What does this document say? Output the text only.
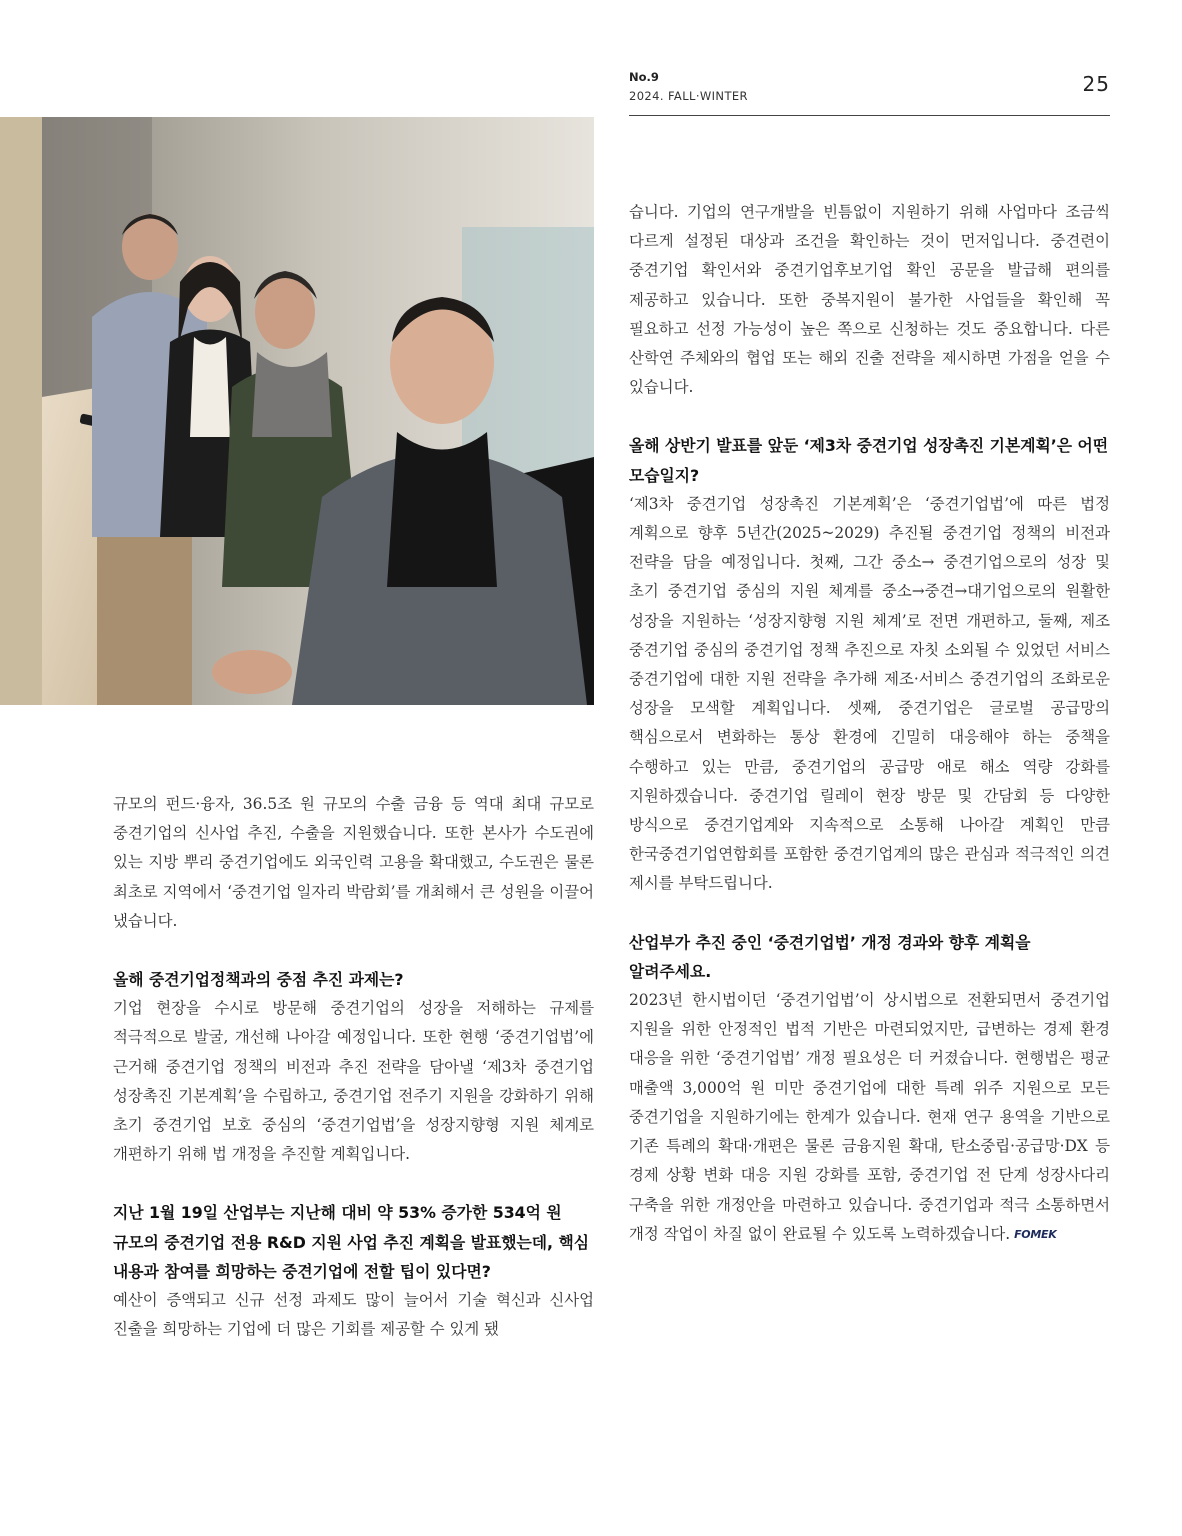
No.9
2024. FALL·WINTER	25

규모의 펀드·융자, 36.5조 원 규모의 수출 금융 등 역대 최대 규모로 중견기업의 신사업 추진, 수출을 지원했습니다. 또한 본사가 수도권에 있는 지방 뿌리 중견기업에도 외국인력 고용을 확대했고, 수도권은 물론 최초로 지역에서 ‘중견기업 일자리 박람회’를 개최해서 큰 성원을 이끌어 냈습니다.

올해 중견기업정책과의 중점 추진 과제는?

기업 현장을 수시로 방문해 중견기업의 성장을 저해하는 규제를 적극적으로 발굴, 개선해 나아갈 예정입니다. 또한 현행 ‘중견기업법’에 근거해 중견기업 정책의 비전과 추진 전략을 담아낼 ‘제3차 중견기업 성장촉진 기본계획’을 수립하고, 중견기업 전주기 지원을 강화하기 위해 초기 중견기업 보호 중심의 ‘중견기업법’을 성장지향형 지원 체계로 개편하기 위해 법 개정을 추진할 계획입니다.

지난 1월 19일 산업부는 지난해 대비 약 53% 증가한 534억 원 규모의 중견기업 전용 R&D 지원 사업 추진 계획을 발표했는데, 핵심 내용과 참여를 희망하는 중견기업에 전할 팁이 있다면?

예산이 증액되고 신규 선정 과제도 많이 늘어서 기술 혁신과 신사업 진출을 희망하는 기업에 더 많은 기회를 제공할 수 있게 됐

습니다. 기업의 연구개발을 빈틈없이 지원하기 위해 사업마다 조금씩 다르게 설정된 대상과 조건을 확인하는 것이 먼저입니다. 중견련이 중견기업 확인서와 중견기업후보기업 확인 공문을 발급해 편의를 제공하고 있습니다. 또한 중복지원이 불가한 사업들을 확인해 꼭 필요하고 선정 가능성이 높은 쪽으로 신청하는 것도 중요합니다. 다른 산학연 주체와의 협업 또는 해외 진출 전략을 제시하면 가점을 얻을 수 있습니다.

올해 상반기 발표를 앞둔 ‘제3차 중견기업 성장촉진 기본계획’은 어떤 모습일지?

‘제3차 중견기업 성장촉진 기본계획’은 ‘중견기업법’에 따른 법정 계획으로 향후 5년간(2025~2029) 추진될 중견기업 정책의 비전과 전략을 담을 예정입니다. 첫째, 그간 중소→ 중견기업으로의 성장 및 초기 중견기업 중심의 지원 체계를 중소→중견→대기업으로의 원활한 성장을 지원하는 ‘성장지향형 지원 체계’로 전면 개편하고, 둘째, 제조 중견기업 중심의 중견기업 정책 추진으로 자칫 소외될 수 있었던 서비스 중견기업에 대한 지원 전략을 추가해 제조·서비스 중견기업의 조화로운 성장을 모색할 계획입니다. 셋째, 중견기업은 글로벌 공급망의 핵심으로서 변화하는 통상 환경에 긴밀히 대응해야 하는 중책을 수행하고 있는 만큼, 중견기업의 공급망 애로 해소 역량 강화를 지원하겠습니다. 중견기업 릴레이 현장 방문 및 간담회 등 다양한 방식으로 중견기업계와 지속적으로 소통해 나아갈 계획인 만큼 한국중견기업연합회를 포함한 중견기업계의 많은 관심과 적극적인 의견 제시를 부탁드립니다.

산업부가 추진 중인 ‘중견기업법’ 개정 경과와 향후 계획을 알려주세요.

2023년 한시법이던 ‘중견기업법’이 상시법으로 전환되면서 중견기업 지원을 위한 안정적인 법적 기반은 마련되었지만, 급변하는 경제 환경 대응을 위한 ‘중견기업법’ 개정 필요성은 더 커졌습니다. 현행법은 평균 매출액 3,000억 원 미만 중견기업에 대한 특례 위주 지원으로 모든 중견기업을 지원하기에는 한계가 있습니다. 현재 연구 용역을 기반으로 기존 특례의 확대·개편은 물론 금융지원 확대, 탄소중립·공급망·DX 등 경제 상황 변화 대응 지원 강화를 포함, 중견기업 전 단계 성장사다리 구축을 위한 개정안을 마련하고 있습니다. 중견기업과 적극 소통하면서 개정 작업이 차질 없이 완료될 수 있도록 노력하겠습니다. FOMEK
